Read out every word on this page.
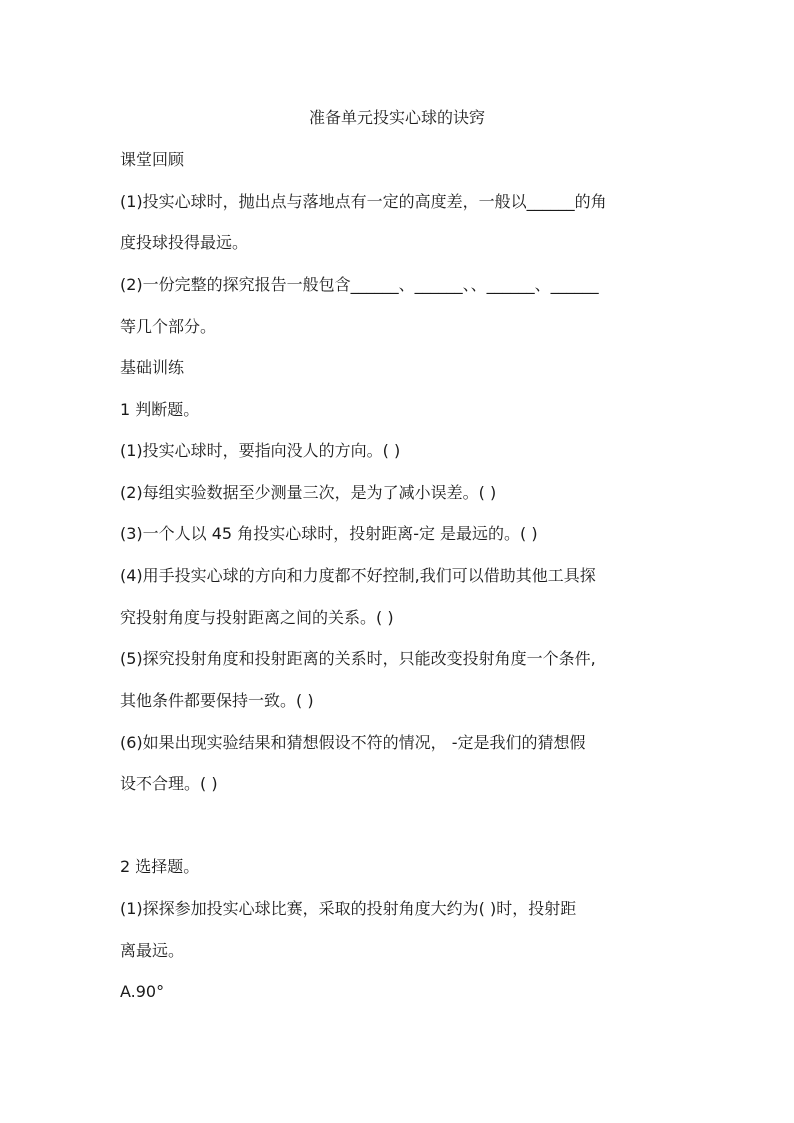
准备单元投实心球的诀窍
课堂回顾
(1)投实心球时，抛出点与落地点有一定的高度差，一般以______的角
度投球投得最远。
(2)一份完整的探究报告一般包含______、______、、______、______
等几个部分。
基础训练
1 判断题。
(1)投实心球时，要指向没人的方向。( )
(2)每组实验数据至少测量三次，是为了减小误差。( )
(3)一个人以 45 角投实心球时，投射距离-定 是最远的。( )
(4)用手投实心球的方向和力度都不好控制,我们可以借助其他工具探
究投射角度与投射距离之间的关系。( )
(5)探究投射角度和投射距离的关系时，只能改变投射角度一个条件,
其他条件都要保持一致。( )
(6)如果出现实验结果和猜想假设不符的情况， -定是我们的猜想假
设不合理。( )
2 选择题。
(1)探探参加投实心球比赛，采取的投射角度大约为( )时，投射距
离最远。
A.90°
